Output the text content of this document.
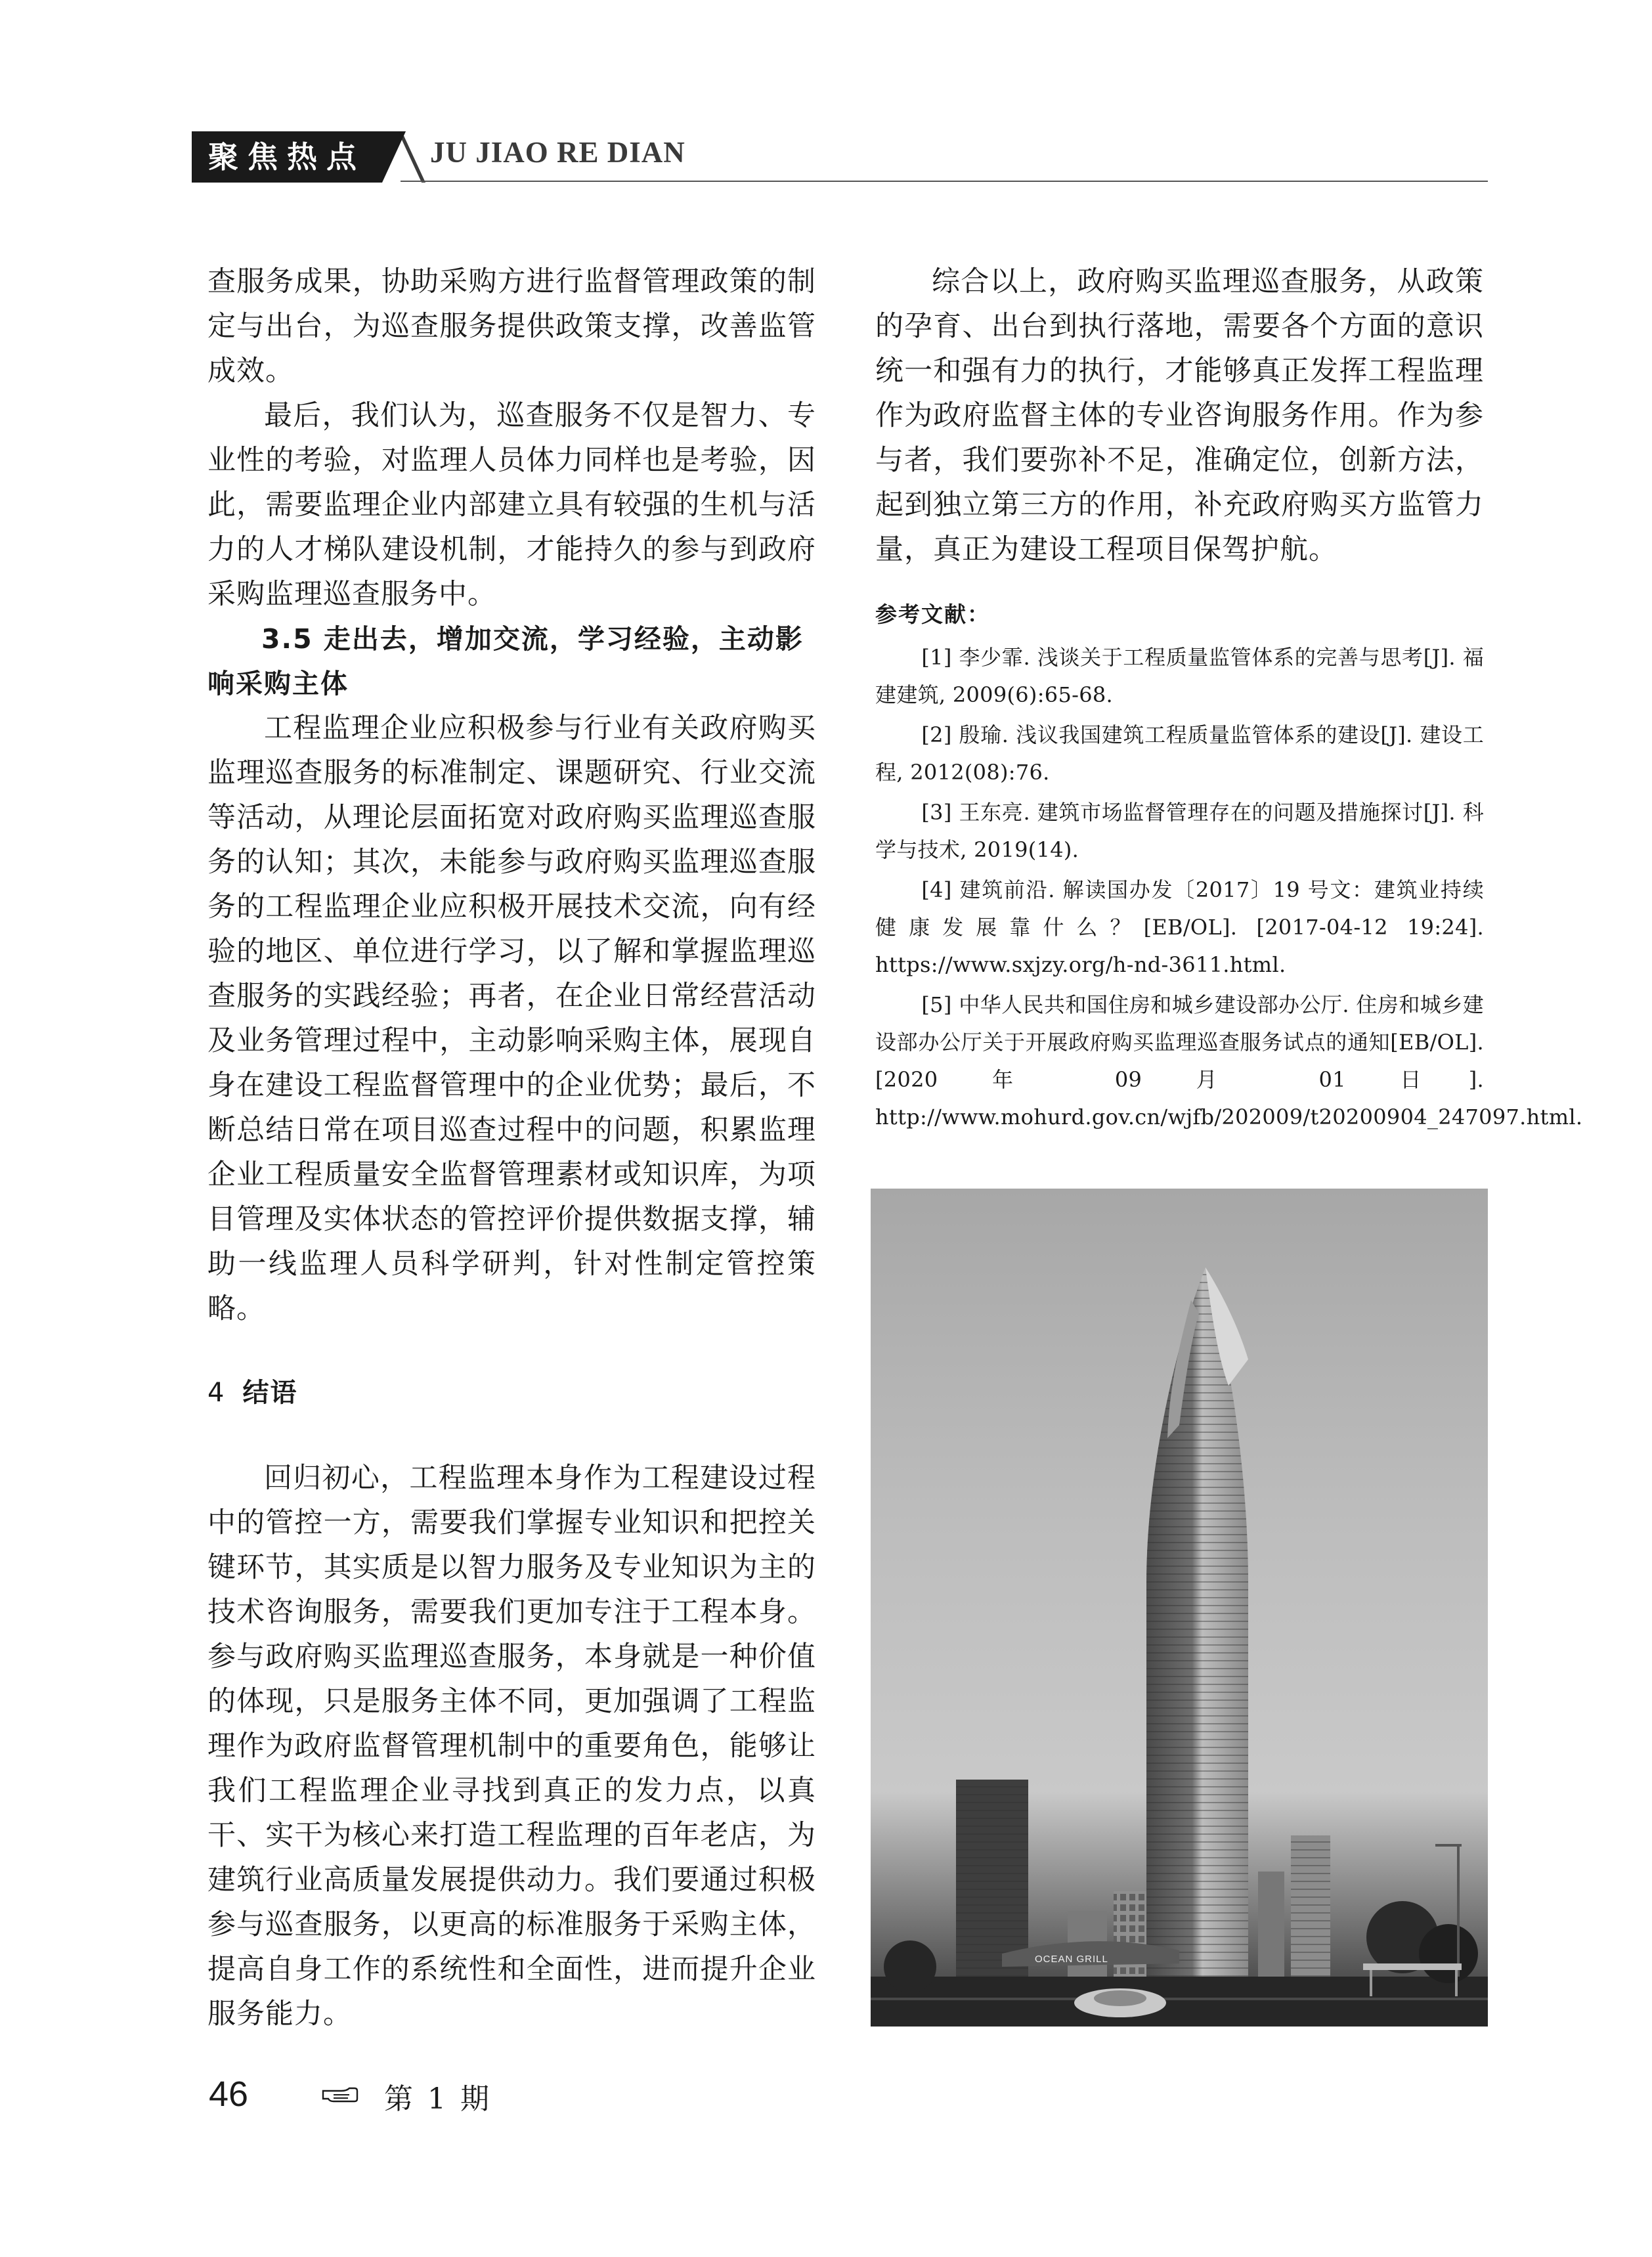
聚焦热点	JU JIAO RE DIAN

查服务成果，协助采购方进行监督管理政策的制定与出台，为巡查服务提供政策支撑，改善监管成效。

最后，我们认为，巡查服务不仅是智力、专业性的考验，对监理人员体力同样也是考验，因此，需要监理企业内部建立具有较强的生机与活力的人才梯队建设机制，才能持久的参与到政府采购监理巡查服务中。

3.5 走出去，增加交流，学习经验，主动影响采购主体

工程监理企业应积极参与行业有关政府购买监理巡查服务的标准制定、课题研究、行业交流等活动，从理论层面拓宽对政府购买监理巡查服务的认知；其次，未能参与政府购买监理巡查服务的工程监理企业应积极开展技术交流，向有经验的地区、单位进行学习，以了解和掌握监理巡查服务的实践经验；再者，在企业日常经营活动及业务管理过程中，主动影响采购主体，展现自身在建设工程监督管理中的企业优势；最后，不断总结日常在项目巡查过程中的问题，积累监理企业工程质量安全监督管理素材或知识库，为项目管理及实体状态的管控评价提供数据支撑，辅助一线监理人员科学研判，针对性制定管控策略。

4 结语

回归初心，工程监理本身作为工程建设过程中的管控一方，需要我们掌握专业知识和把控关键环节，其实质是以智力服务及专业知识为主的技术咨询服务，需要我们更加专注于工程本身。参与政府购买监理巡查服务，本身就是一种价值的体现，只是服务主体不同，更加强调了工程监理作为政府监督管理机制中的重要角色，能够让我们工程监理企业寻找到真正的发力点，以真干、实干为核心来打造工程监理的百年老店，为建筑行业高质量发展提供动力。我们要通过积极参与巡查服务，以更高的标准服务于采购主体，提高自身工作的系统性和全面性，进而提升企业服务能力。

综合以上，政府购买监理巡查服务，从政策的孕育、出台到执行落地，需要各个方面的意识统一和强有力的执行，才能够真正发挥工程监理作为政府监督主体的专业咨询服务作用。作为参与者，我们要弥补不足，准确定位，创新方法，起到独立第三方的作用，补充政府购买方监管力量，真正为建设工程项目保驾护航。

参考文献：

[1] 李少霏. 浅谈关于工程质量监管体系的完善与思考[J]. 福建建筑, 2009(6):65-68.

[2] 殷瑜. 浅议我国建筑工程质量监管体系的建设[J]. 建设工程, 2012(08):76.

[3] 王东亮. 建筑市场监督管理存在的问题及措施探讨[J]. 科学与技术, 2019(14).

[4] 建筑前沿. 解读国办发〔2017〕19 号文：建筑业持续健康发展靠什么？[EB/OL]. [2017-04-12 19:24]. https://www.sxjzy.org/h-nd-3611.html.

[5] 中华人民共和国住房和城乡建设部办公厅. 住房和城乡建设部办公厅关于开展政府购买监理巡查服务试点的通知[EB/OL]. [2020 年 09 月 01 日]. http://www.mohurd.gov.cn/wjfb/202009/t20200904_247097.html.

OCEAN GRILL
46	第 1 期
